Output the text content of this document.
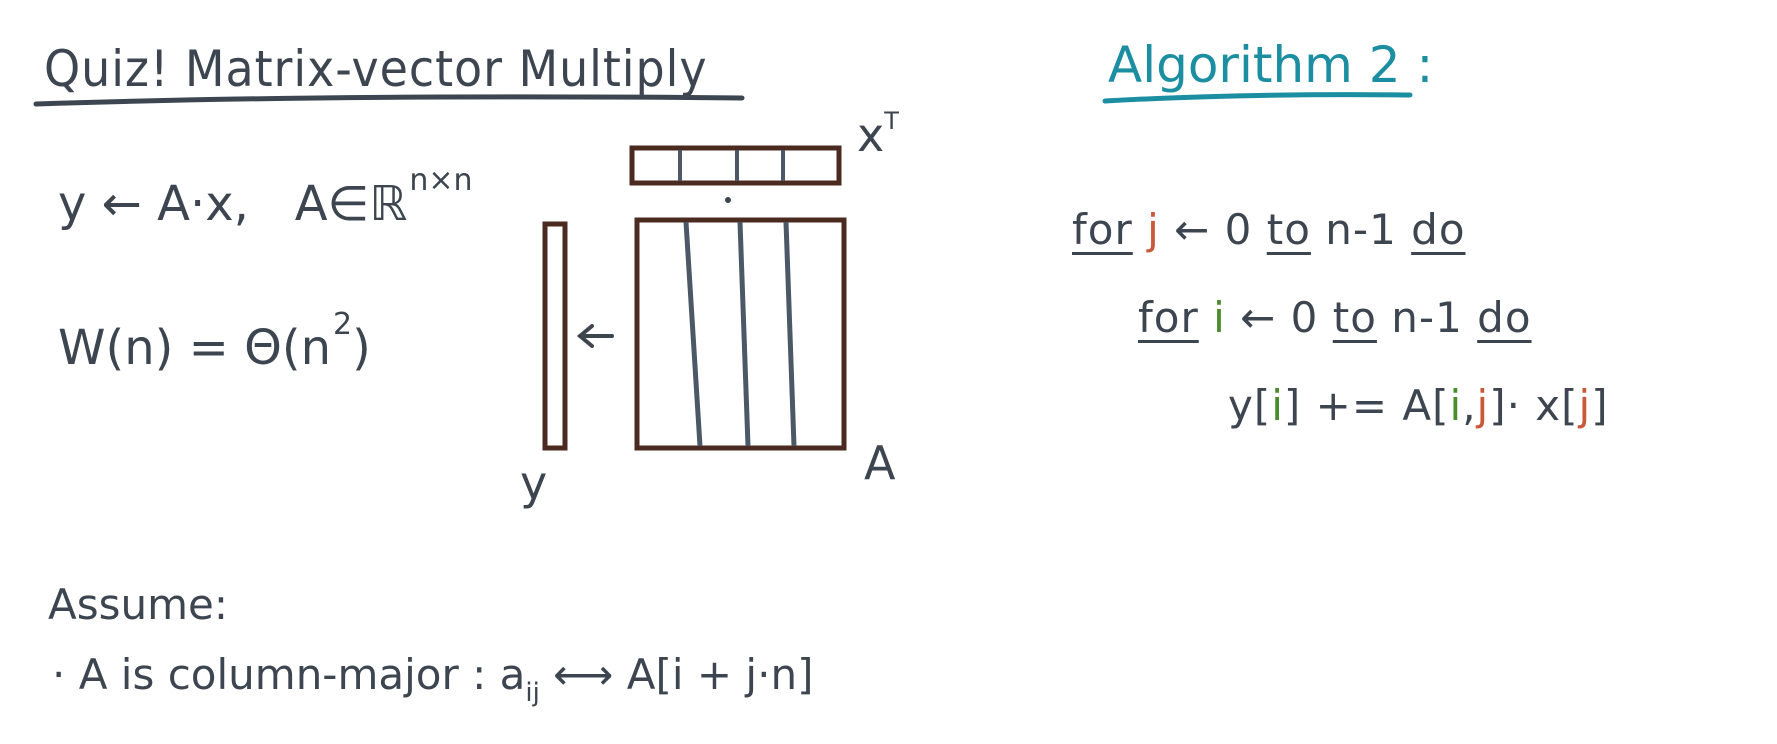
Quiz! Matrix-vector Multiply
y ← A·x, A∈ℝ$^{n\times n}$
$W(n) = \Theta(n^2)$
$x^T$
y	A
Assume:
· A is column-major : $a_{ij}$ ⟷ A[i + j·n]
Algorithm 2 :
for j ← 0 to n-1 do
for i ← 0 to n-1 do
y[i] += A[i,j]· x[j]
